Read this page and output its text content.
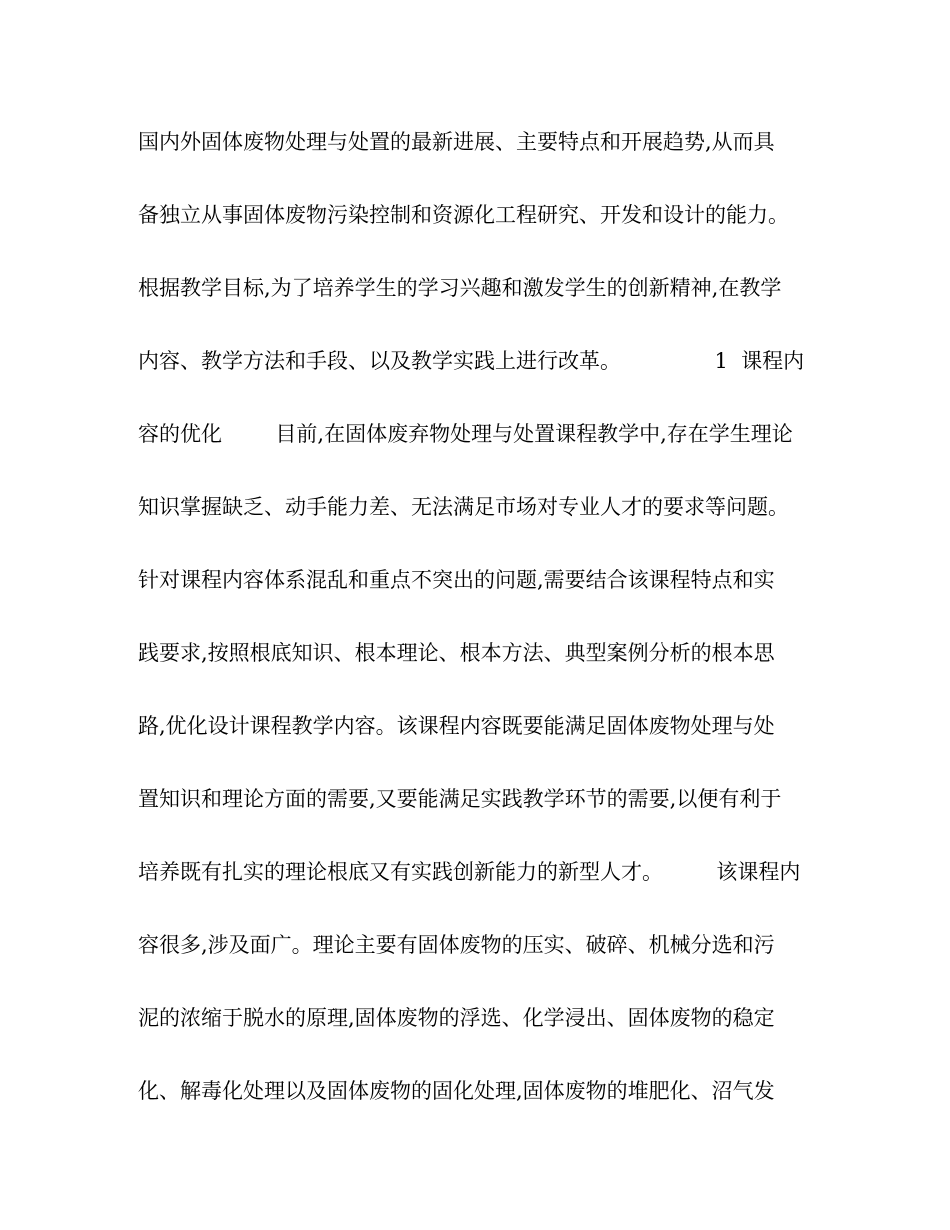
国内外固体废物处理与处置的最新进展、主要特点和开展趋势,从而具
备独立从事固体废物污染控制和资源化工程研究、开发和设计的能力。
根据教学目标,为了培养学生的学习兴趣和激发学生的创新精神,在教学
内容、教学方法和手段、以及教学实践上进行改革。              1  课程内
容的优化        目前,在固体废弃物处理与处置课程教学中,存在学生理论
知识掌握缺乏、动手能力差、无法满足市场对专业人才的要求等问题。
针对课程内容体系混乱和重点不突出的问题,需要结合该课程特点和实
践要求,按照根底知识、根本理论、根本方法、典型案例分析的根本思
路,优化设计课程教学内容。该课程内容既要能满足固体废物处理与处
置知识和理论方面的需要,又要能满足实践教学环节的需要,以便有利于
培养既有扎实的理论根底又有实践创新能力的新型人才。        该课程内
容很多,涉及面广。理论主要有固体废物的压实、破碎、机械分选和污
泥的浓缩于脱水的原理,固体废物的浮选、化学浸出、固体废物的稳定
化、解毒化处理以及固体废物的固化处理,固体废物的堆肥化、沼气发
